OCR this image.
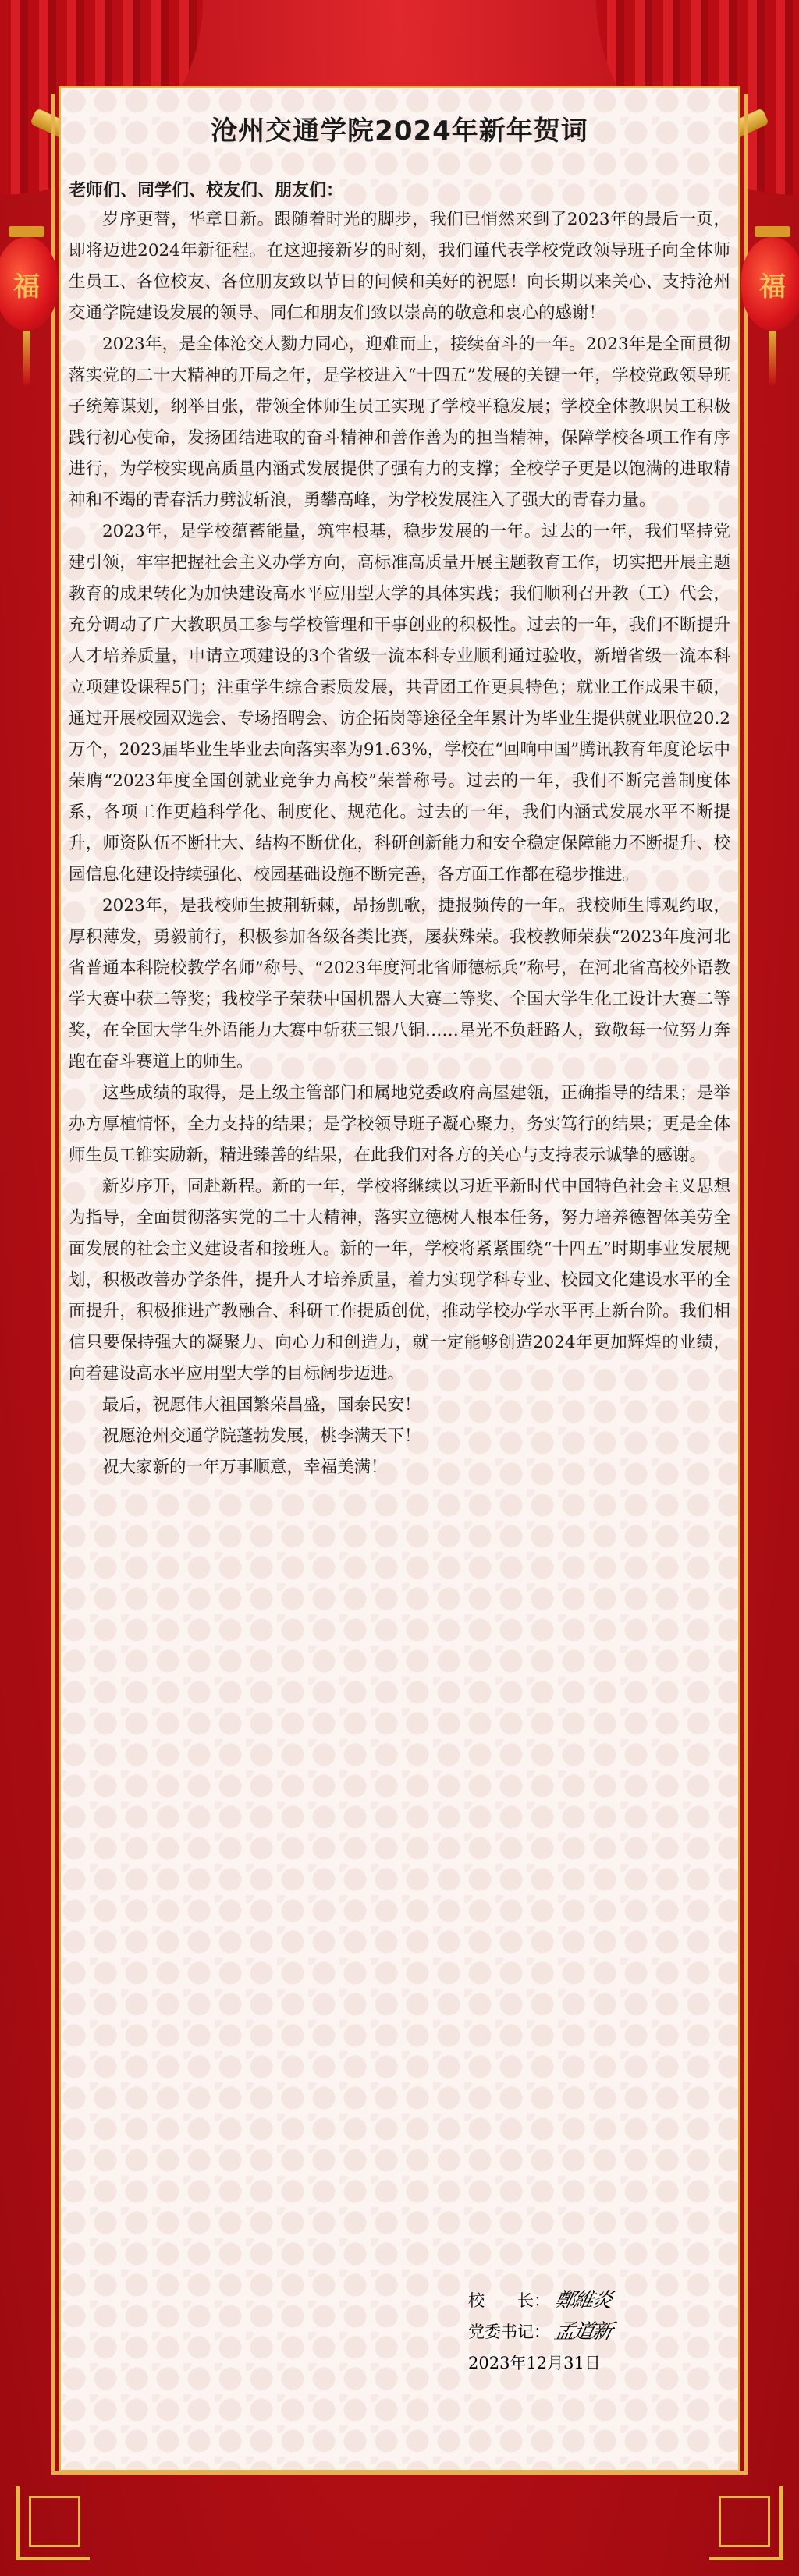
福	福
沧州交通学院2024年新年贺词

老师们、同学们、校友们、朋友们：

岁序更替，华章日新。跟随着时光的脚步，我们已悄然来到了2023年的最后一页，即将迈进2024年新征程。在这迎接新岁的时刻，我们谨代表学校党政领导班子向全体师生员工、各位校友、各位朋友致以节日的问候和美好的祝愿！向长期以来关心、支持沧州交通学院建设发展的领导、同仁和朋友们致以崇高的敬意和衷心的感谢！

2023年，是全体沧交人勠力同心，迎难而上，接续奋斗的一年。2023年是全面贯彻落实党的二十大精神的开局之年，是学校进入“十四五”发展的关键一年，学校党政领导班子统筹谋划，纲举目张，带领全体师生员工实现了学校平稳发展；学校全体教职员工积极践行初心使命，发扬团结进取的奋斗精神和善作善为的担当精神，保障学校各项工作有序进行，为学校实现高质量内涵式发展提供了强有力的支撑；全校学子更是以饱满的进取精神和不竭的青春活力劈波斩浪，勇攀高峰，为学校发展注入了强大的青春力量。

2023年，是学校蕴蓄能量，筑牢根基，稳步发展的一年。过去的一年，我们坚持党建引领，牢牢把握社会主义办学方向，高标准高质量开展主题教育工作，切实把开展主题教育的成果转化为加快建设高水平应用型大学的具体实践；我们顺利召开教（工）代会，充分调动了广大教职员工参与学校管理和干事创业的积极性。过去的一年，我们不断提升人才培养质量，申请立项建设的3个省级一流本科专业顺利通过验收，新增省级一流本科立项建设课程5门；注重学生综合素质发展，共青团工作更具特色；就业工作成果丰硕，通过开展校园双选会、专场招聘会、访企拓岗等途径全年累计为毕业生提供就业职位20.2万个，2023届毕业生毕业去向落实率为91.63%，学校在“回响中国”腾讯教育年度论坛中荣膺“2023年度全国创就业竞争力高校”荣誉称号。过去的一年，我们不断完善制度体系，各项工作更趋科学化、制度化、规范化。过去的一年，我们内涵式发展水平不断提升，师资队伍不断壮大、结构不断优化，科研创新能力和安全稳定保障能力不断提升、校园信息化建设持续强化、校园基础设施不断完善，各方面工作都在稳步推进。

2023年，是我校师生披荆斩棘，昂扬凯歌，捷报频传的一年。我校师生博观约取，厚积薄发，勇毅前行，积极参加各级各类比赛，屡获殊荣。我校教师荣获“2023年度河北省普通本科院校教学名师”称号、“2023年度河北省师德标兵”称号，在河北省高校外语教学大赛中获二等奖；我校学子荣获中国机器人大赛二等奖、全国大学生化工设计大赛二等奖，在全国大学生外语能力大赛中斩获三银八铜……星光不负赶路人，致敬每一位努力奔跑在奋斗赛道上的师生。

这些成绩的取得，是上级主管部门和属地党委政府高屋建瓴，正确指导的结果；是举办方厚植情怀，全力支持的结果；是学校领导班子凝心聚力，务实笃行的结果；更是全体师生员工锥实励新，精进臻善的结果，在此我们对各方的关心与支持表示诚挚的感谢。

新岁序开，同赴新程。新的一年，学校将继续以习近平新时代中国特色社会主义思想为指导，全面贯彻落实党的二十大精神，落实立德树人根本任务，努力培养德智体美劳全面发展的社会主义建设者和接班人。新的一年，学校将紧紧围绕“十四五”时期事业发展规划，积极改善办学条件，提升人才培养质量，着力实现学科专业、校园文化建设水平的全面提升，积极推进产教融合、科研工作提质创优，推动学校办学水平再上新台阶。我们相信只要保持强大的凝聚力、向心力和创造力，就一定能够创造2024年更加辉煌的业绩，向着建设高水平应用型大学的目标阔步迈进。

最后，祝愿伟大祖国繁荣昌盛，国泰民安！

祝愿沧州交通学院蓬勃发展，桃李满天下！

祝大家新的一年万事顺意，幸福美满！

校　　长： 鄭維炎
党委书记： 孟道新
2023年12月31日
